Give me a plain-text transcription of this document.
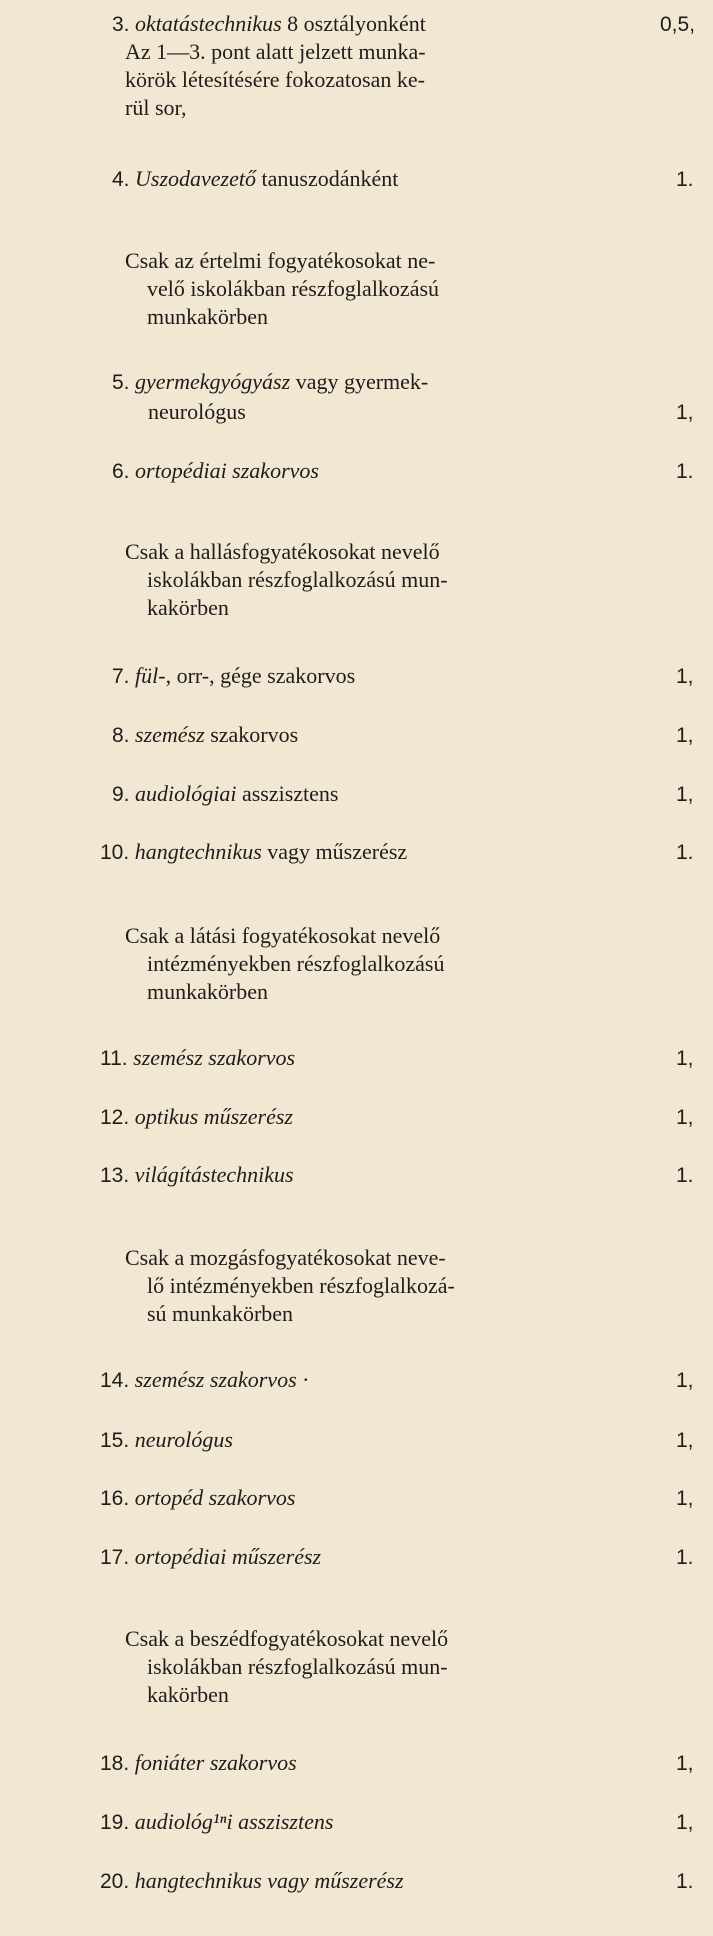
3. oktatástechnikus 8 osztályonként	0,5,
Az 1—3. pont alatt jelzett munka-
körök létesítésére fokozatosan ke-
rül sor,
4. Uszodavezető tanuszodánként	1.
Csak az értelmi fogyatékosokat ne-
velő iskolákban részfoglalkozású
munkakörben
5. gyermekgyógyász vagy gyermek-
neurológus	1,
6. ortopédiai szakorvos	1.
Csak a hallásfogyatékosokat nevelő
iskolákban részfoglalkozású mun-
kakörben
7. fül-, orr-, gége szakorvos	1,
8. szemész szakorvos	1,
9. audiológiai asszisztens	1,
10. hangtechnikus vagy műszerész	1.
Csak a látási fogyatékosokat nevelő
intézményekben részfoglalkozású
munkakörben
11. szemész szakorvos	1,
12. optikus műszerész	1,
13. világítástechnikus	1.
Csak a mozgásfogyatékosokat neve-
lő intézményekben részfoglalkozá-
sú munkakörben
14. szemész szakorvos ·	1,
15. neurológus	1,
16. ortopéd szakorvos	1,
17. ortopédiai műszerész	1.
Csak a beszédfogyatékosokat nevelő
iskolákban részfoglalkozású mun-
kakörben
18. foniáter szakorvos	1,
19. audiológ¹ⁿi asszisztens	1,
20. hangtechnikus vagy műszerész	1.
